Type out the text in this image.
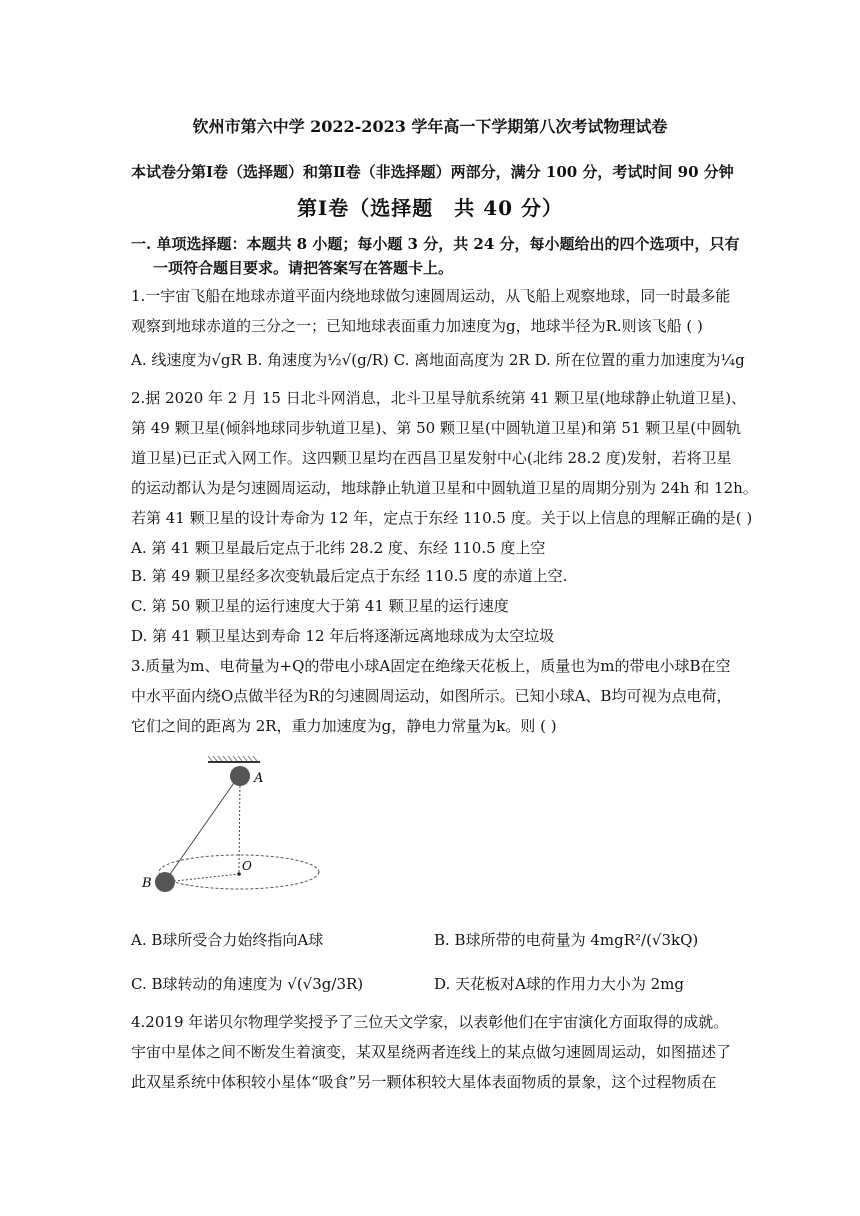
钦州市第六中学 2022-2023 学年高一下学期第八次考试物理试卷
本试卷分第Ⅰ卷（选择题）和第Ⅱ卷（非选择题）两部分，满分 100 分，考试时间 90 分钟
第Ⅰ卷（选择题　共 40 分）
一. 单项选择题：本题共 8 小题；每小题 3 分，共 24 分，每小题给出的四个选项中，只有
一项符合题目要求。请把答案写在答题卡上。
1.一宇宙飞船在地球赤道平面内绕地球做匀速圆周运动，从飞船上观察地球，同一时最多能
观察到地球赤道的三分之一；已知地球表面重力加速度为g，地球半径为R.则该飞船 ( )
A. 线速度为√gR B. 角速度为½√(g/R) C. 离地面高度为 2R D. 所在位置的重力加速度为¼g
2.据 2020 年 2 月 15 日北斗网消息，北斗卫星导航系统第 41 颗卫星(地球静止轨道卫星)、
第 49 颗卫星(倾斜地球同步轨道卫星)、第 50 颗卫星(中圆轨道卫星)和第 51 颗卫星(中圆轨
道卫星)已正式入网工作。这四颗卫星均在西昌卫星发射中心(北纬 28.2 度)发射，若将卫星
的运动都认为是匀速圆周运动，地球静止轨道卫星和中圆轨道卫星的周期分别为 24h 和 12h。
若第 41 颗卫星的设计寿命为 12 年，定点于东经 110.5 度。关于以上信息的理解正确的是( )
A. 第 41 颗卫星最后定点于北纬 28.2 度、东经 110.5 度上空
B. 第 49 颗卫星经多次变轨最后定点于东经 110.5 度的赤道上空.
C. 第 50 颗卫星的运行速度大于第 41 颗卫星的运行速度
D. 第 41 颗卫星达到寿命 12 年后将逐渐远离地球成为太空垃圾
3.质量为m、电荷量为+Q的带电小球A固定在绝缘天花板上，质量也为m的带电小球B在空
中水平面内绕O点做半径为R的匀速圆周运动，如图所示。已知小球A、B均可视为点电荷，
它们之间的距离为 2R，重力加速度为g，静电力常量为k。则 ( )
A
B
O
A. B球所受合力始终指向A球	B. B球所带的电荷量为 4mgR²/(√3kQ)
C. B球转动的角速度为 √(√3g/3R)	D. 天花板对A球的作用力大小为 2mg
4.2019 年诺贝尔物理学奖授予了三位天文学家，以表彰他们在宇宙演化方面取得的成就。
宇宙中星体之间不断发生着演变，某双星绕两者连线上的某点做匀速圆周运动，如图描述了
此双星系统中体积较小星体“吸食”另一颗体积较大星体表面物质的景象，这个过程物质在
